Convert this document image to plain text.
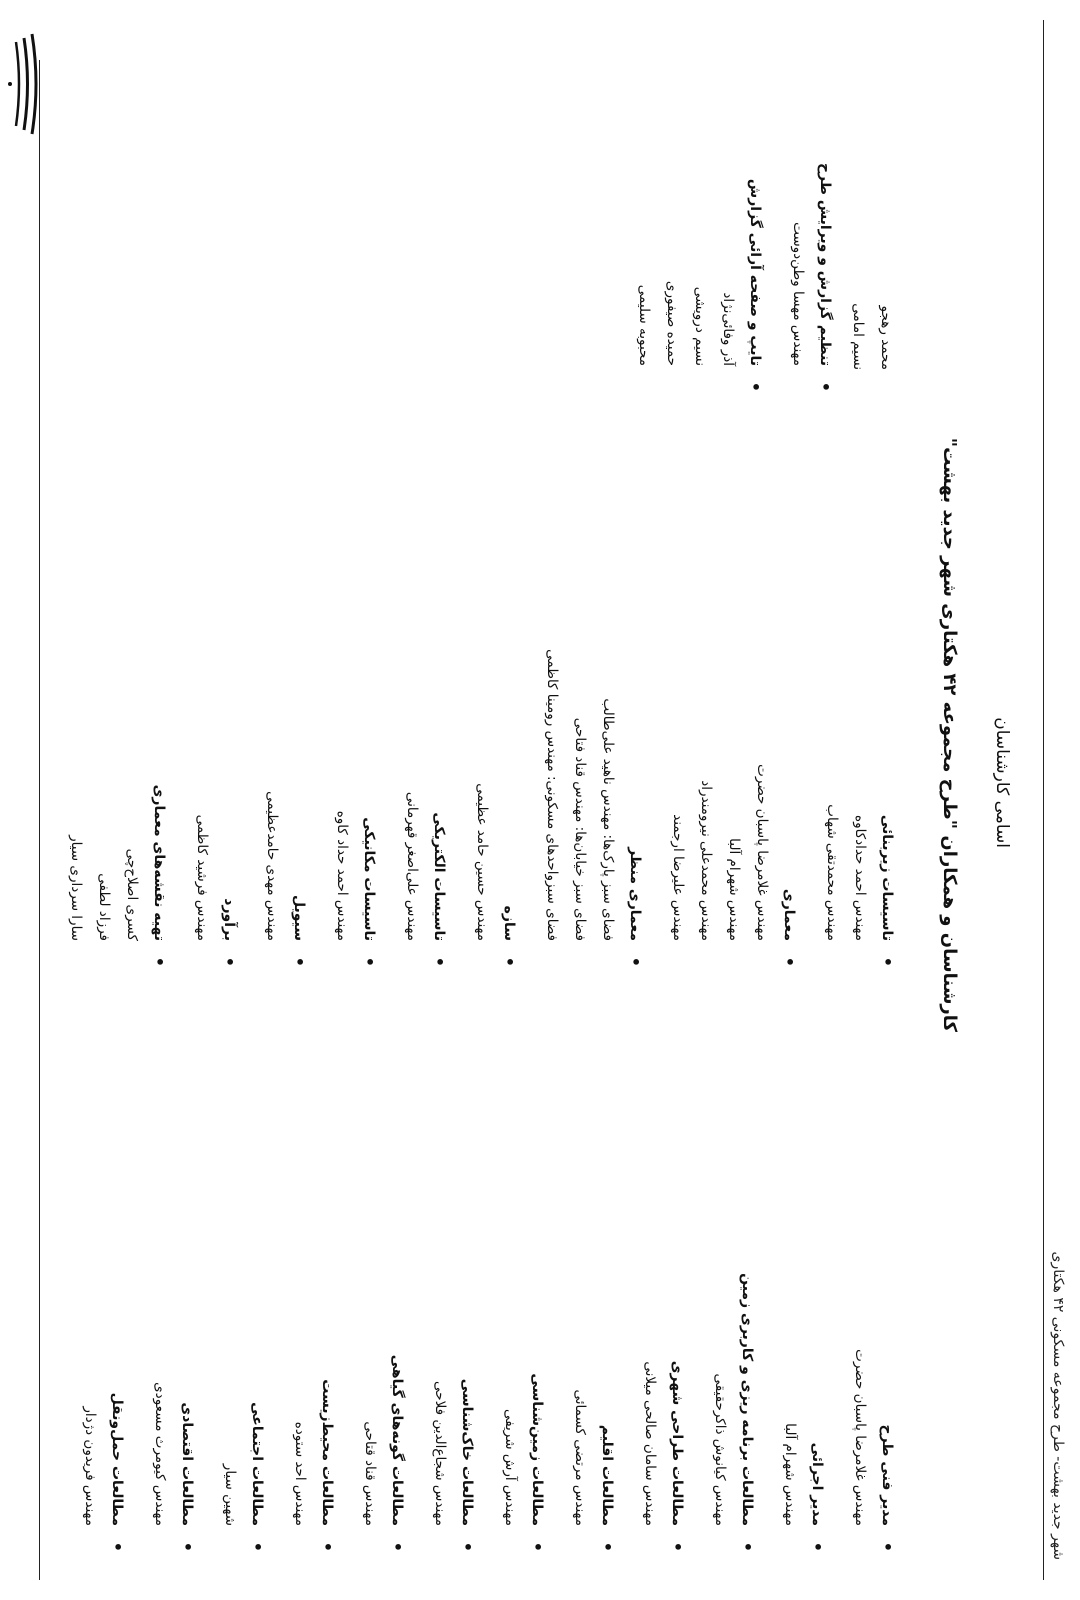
شهر جدید بهشت- طرح مجموعه مسکونی ۴۲ هکتاری
اسامی کارشناسان
کارشناسان و همکاران "طرح مجموعه ۴۲ هکتاری شهر جدید بهشت"
•
مدیر فنی طرح
مهندس غلامرضا پاسبان حضرت
•
مدیر اجرائی
مهندس شهرام آلبا
•
مطالعات برنامه ریزی و کاربری زمین
مهندس کیانوش ذاکرحقیقی
•
مطالعات طراحی شهری
مهندس سامان صالحی میلانی
•
مطالعات اقلیم
مهندس مرتضی کسمائی
•
مطالعات زمین‌شناسی
مهندس آرش شریفی
•
مطالعات خاک‌شناسی
مهندس شجاع‌الدین فلاحی
•
مطالعات گونه‌های گیاهی
مهندس قناد قتاحی
•
مطالعات محیط‌زیست
مهندس احد ستوده
•
مطالعات اجتماعی
شهین سیار
•
مطالعات اقتصادی
مهندس کیومرث مسعودی
•
مطالعات حمل‌ونقل
مهندس فریدون دژدار
•
تاسیسات زیربنائی
مهندس احمد حدادکاوه
مهندس محمدتقی شهاب
•
معماری
مهندس غلامرضا پاسبان حضرت
مهندس شهرام آلبا
مهندس محمدعلی نیرومندراد
مهندس علیرضا ارجمند
•
معماری منظر
فضای سبز پارک‌ها: مهندس ناهید علی‌طالب
فضای سبز خیابان‌ها: مهندس قناد فتاحی
فضای سبزواحدهای مسکونی: مهندس رومینا کاظمی
•
سازه
مهندس حسین حامد عظیمی
•
تاسیسات الکتریکی
مهندس علی‌اصغر قهرمانی
•
تاسیسات مکانیکی
مهندس احمد حداد کاوه
•
سیویل
مهندس مهدی حامدعظیمی
•
برآورد
مهندس فرشید کاظمی
•
تهیه نقشه‌های معماری
کسری اصلاح‌چی
فرزاد لطفی
سارا سرداری سیار
محمد رهجو
نسیم امامی
•
تنظیم گزارش و ویرایش طرح
مهندس مهسا وطن‌دوست
•
تایپ و صفحه آرائی گزارش
آذر وفائی‌نژاد
نسیم درویشی
حمیده صیفوری
محبوبه سلیمی
